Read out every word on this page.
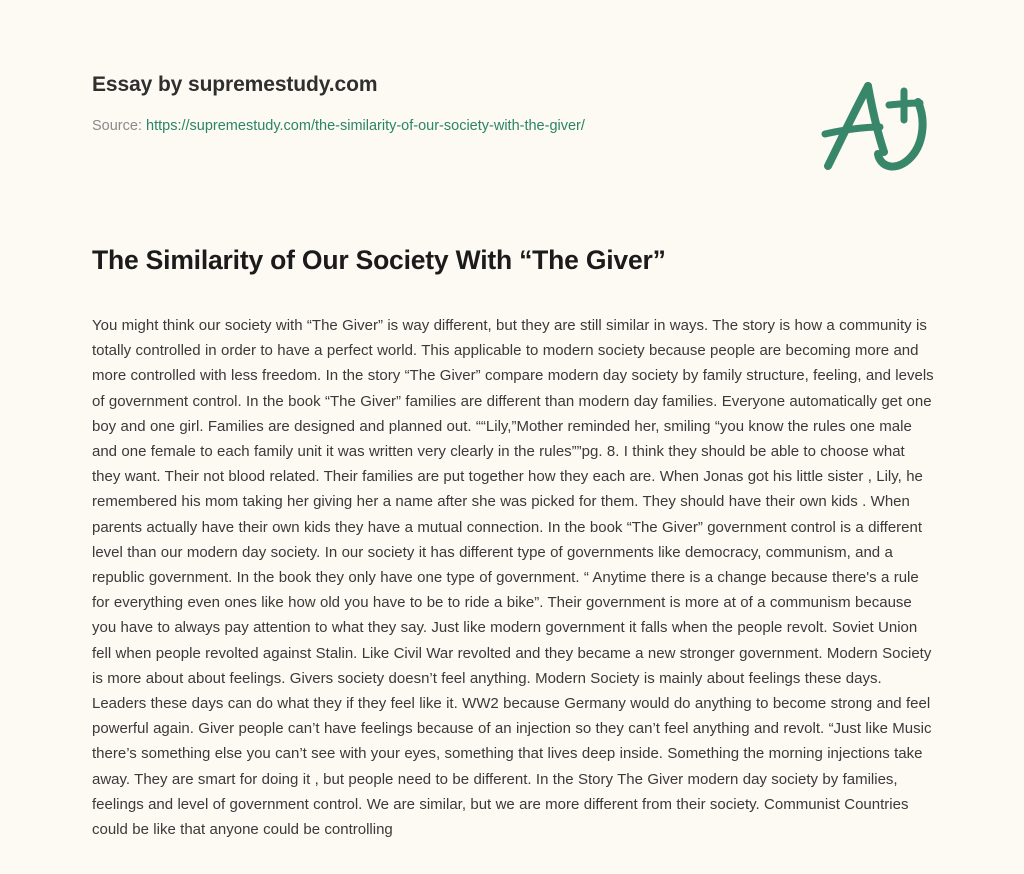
Essay by supremestudy.com
Source: https://supremestudy.com/the-similarity-of-our-society-with-the-giver/
The Similarity of Our Society With “The Giver”

You might think our society with “The Giver” is way different, but they are still similar in ways. The story is how a community is totally controlled in order to have a perfect world. This applicable to modern society because people are becoming more and more controlled with less freedom. In the story “The Giver” compare modern day society by family structure, feeling, and levels of government control. In the book “The Giver” families are different than modern day families. Everyone automatically get one boy and one girl. Families are designed and planned out. ““Lily,”Mother reminded her, smiling “you know the rules one male and one female to each family unit it was written very clearly in the rules””pg. 8. I think they should be able to choose what they want. Their not blood related. Their families are put together how they each are. When Jonas got his little sister , Lily, he remembered his mom taking her giving her a name after she was picked for them. They should have their own kids . When parents actually have their own kids they have a mutual connection. In the book “The Giver” government control is a different level than our modern day society. In our society it has different type of governments like democracy, communism, and a republic government. In the book they only have one type of government. “ Anytime there is a change because there's a rule for everything even ones like how old you have to be to ride a bike”. Their government is more at of a communism because you have to always pay attention to what they say. Just like modern government it falls when the people revolt. Soviet Union fell when people revolted against Stalin. Like Civil War revolted and they became a new stronger government. Modern Society is more about about feelings. Givers society doesn’t feel anything. Modern Society is mainly about feelings these days. Leaders these days can do what they if they feel like it. WW2 because Germany would do anything to become strong and feel powerful again. Giver people can’t have feelings because of an injection so they can’t feel anything and revolt. “Just like Music there’s something else you can’t see with your eyes, something that lives deep inside. Something the morning injections take away. They are smart for doing it , but people need to be different. In the Story The Giver modern day society by families, feelings and level of government control. We are similar, but we are more different from their society. Communist Countries could be like that anyone could be controlling
